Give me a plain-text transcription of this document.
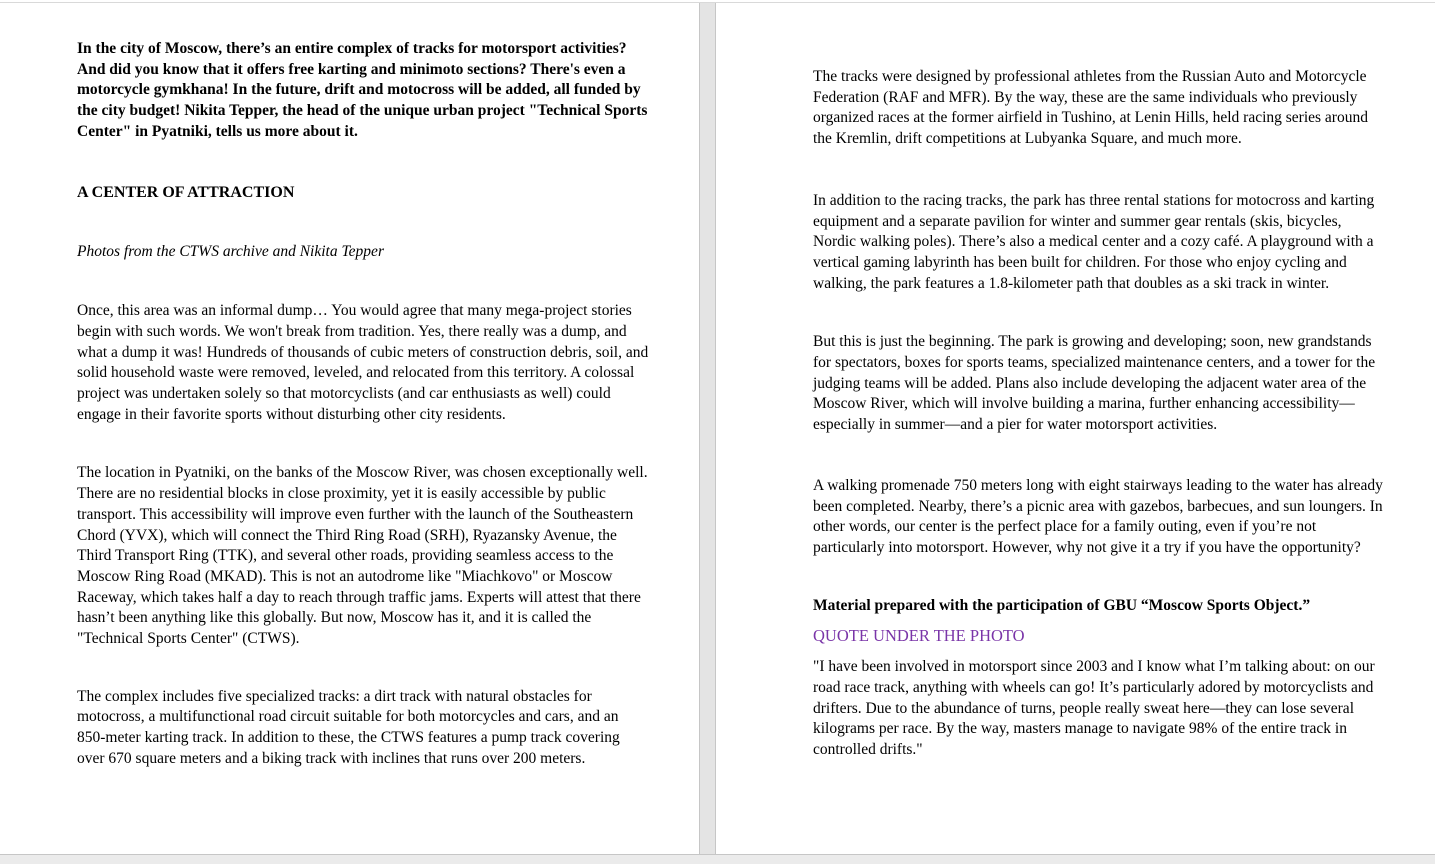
In the city of Moscow, there’s an entire complex of tracks for motorsport activities? And did you know that it offers free karting and minimoto sections? There's even a motorcycle gymkhana! In the future, drift and motocross will be added, all funded by the city budget! Nikita Tepper, the head of the unique urban project "Technical Sports Center" in Pyatniki, tells us more about it.

A CENTER OF ATTRACTION

Photos from the CTWS archive and Nikita Tepper

Once, this area was an informal dump… You would agree that many mega-project stories begin with such words. We won't break from tradition. Yes, there really was a dump, and what a dump it was! Hundreds of thousands of cubic meters of construction debris, soil, and solid household waste were removed, leveled, and relocated from this territory. A colossal project was undertaken solely so that motorcyclists (and car enthusiasts as well) could engage in their favorite sports without disturbing other city residents.

The location in Pyatniki, on the banks of the Moscow River, was chosen exceptionally well. There are no residential blocks in close proximity, yet it is easily accessible by public transport. This accessibility will improve even further with the launch of the Southeastern Chord (YVX), which will connect the Third Ring Road (SRH), Ryazansky Avenue, the Third Transport Ring (TTK), and several other roads, providing seamless access to the Moscow Ring Road (MKAD). This is not an autodrome like "Miachkovo" or Moscow Raceway, which takes half a day to reach through traffic jams. Experts will attest that there hasn’t been anything like this globally. But now, Moscow has it, and it is called the "Technical Sports Center" (CTWS).

The complex includes five specialized tracks: a dirt track with natural obstacles for motocross, a multifunctional road circuit suitable for both motorcycles and cars, and an 850-meter karting track. In addition to these, the CTWS features a pump track covering over 670 square meters and a biking track with inclines that runs over 200 meters.

The tracks were designed by professional athletes from the Russian Auto and Motorcycle Federation (RAF and MFR). By the way, these are the same individuals who previously organized races at the former airfield in Tushino, at Lenin Hills, held racing series around the Kremlin, drift competitions at Lubyanka Square, and much more.

In addition to the racing tracks, the park has three rental stations for motocross and karting equipment and a separate pavilion for winter and summer gear rentals (skis, bicycles, Nordic walking poles). There’s also a medical center and a cozy café. A playground with a vertical gaming labyrinth has been built for children. For those who enjoy cycling and walking, the park features a 1.8-kilometer path that doubles as a ski track in winter.

But this is just the beginning. The park is growing and developing; soon, new grandstands for spectators, boxes for sports teams, specialized maintenance centers, and a tower for the judging teams will be added. Plans also include developing the adjacent water area of the Moscow River, which will involve building a marina, further enhancing accessibility—especially in summer—and a pier for water motorsport activities.

A walking promenade 750 meters long with eight stairways leading to the water has already been completed. Nearby, there’s a picnic area with gazebos, barbecues, and sun loungers. In other words, our center is the perfect place for a family outing, even if you’re not particularly into motorsport. However, why not give it a try if you have the opportunity?

Material prepared with the participation of GBU “Moscow Sports Object.”

QUOTE UNDER THE PHOTO

"I have been involved in motorsport since 2003 and I know what I’m talking about: on our road race track, anything with wheels can go! It’s particularly adored by motorcyclists and drifters. Due to the abundance of turns, people really sweat here—they can lose several kilograms per race. By the way, masters manage to navigate 98% of the entire track in controlled drifts."
